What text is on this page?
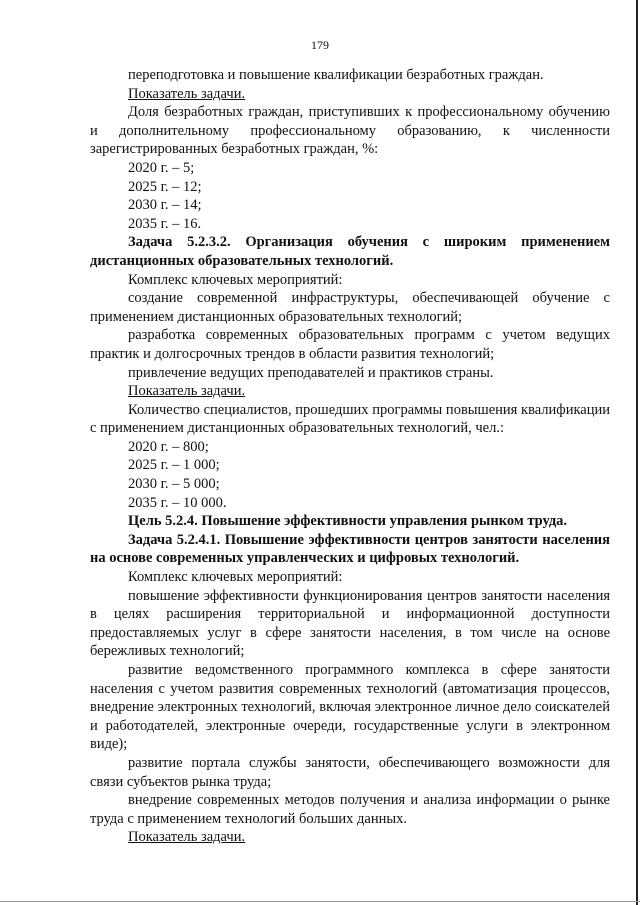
179

переподготовка и повышение квалификации безработных граждан.

Показатель задачи.

Доля безработных граждан, приступивших к профессиональному обучению и дополнительному профессиональному образованию, к численности зарегистрированных безработных граждан, %:

2020 г. – 5;

2025 г. – 12;

2030 г. – 14;

2035 г. – 16.

Задача 5.2.3.2. Организация обучения с широким применением дистанционных образовательных технологий.

Комплекс ключевых мероприятий:

создание современной инфраструктуры, обеспечивающей обучение с применением дистанционных образовательных технологий;

разработка современных образовательных программ с учетом ведущих практик и долгосрочных трендов в области развития технологий;

привлечение ведущих преподавателей и практиков страны.

Показатель задачи.

Количество специалистов, прошедших программы повышения квалификации с применением дистанционных образовательных технологий, чел.:

2020 г. – 800;

2025 г. – 1 000;

2030 г. – 5 000;

2035 г. – 10 000.

Цель 5.2.4. Повышение эффективности управления рынком труда.

Задача 5.2.4.1. Повышение эффективности центров занятости населения на основе современных управленческих и цифровых технологий.

Комплекс ключевых мероприятий:

повышение эффективности функционирования центров занятости населения в целях расширения территориальной и информационной доступности предоставляемых услуг в сфере занятости населения, в том числе на основе бережливых технологий;

развитие ведомственного программного комплекса в сфере занятости населения с учетом развития современных технологий (автоматизация процессов, внедрение электронных технологий, включая электронное личное дело соискателей и работодателей, электронные очереди, государственные услуги в электронном виде);

развитие портала службы занятости, обеспечивающего возможности для связи субъектов рынка труда;

внедрение современных методов получения и анализа информации о рынке труда с применением технологий больших данных.

Показатель задачи.
